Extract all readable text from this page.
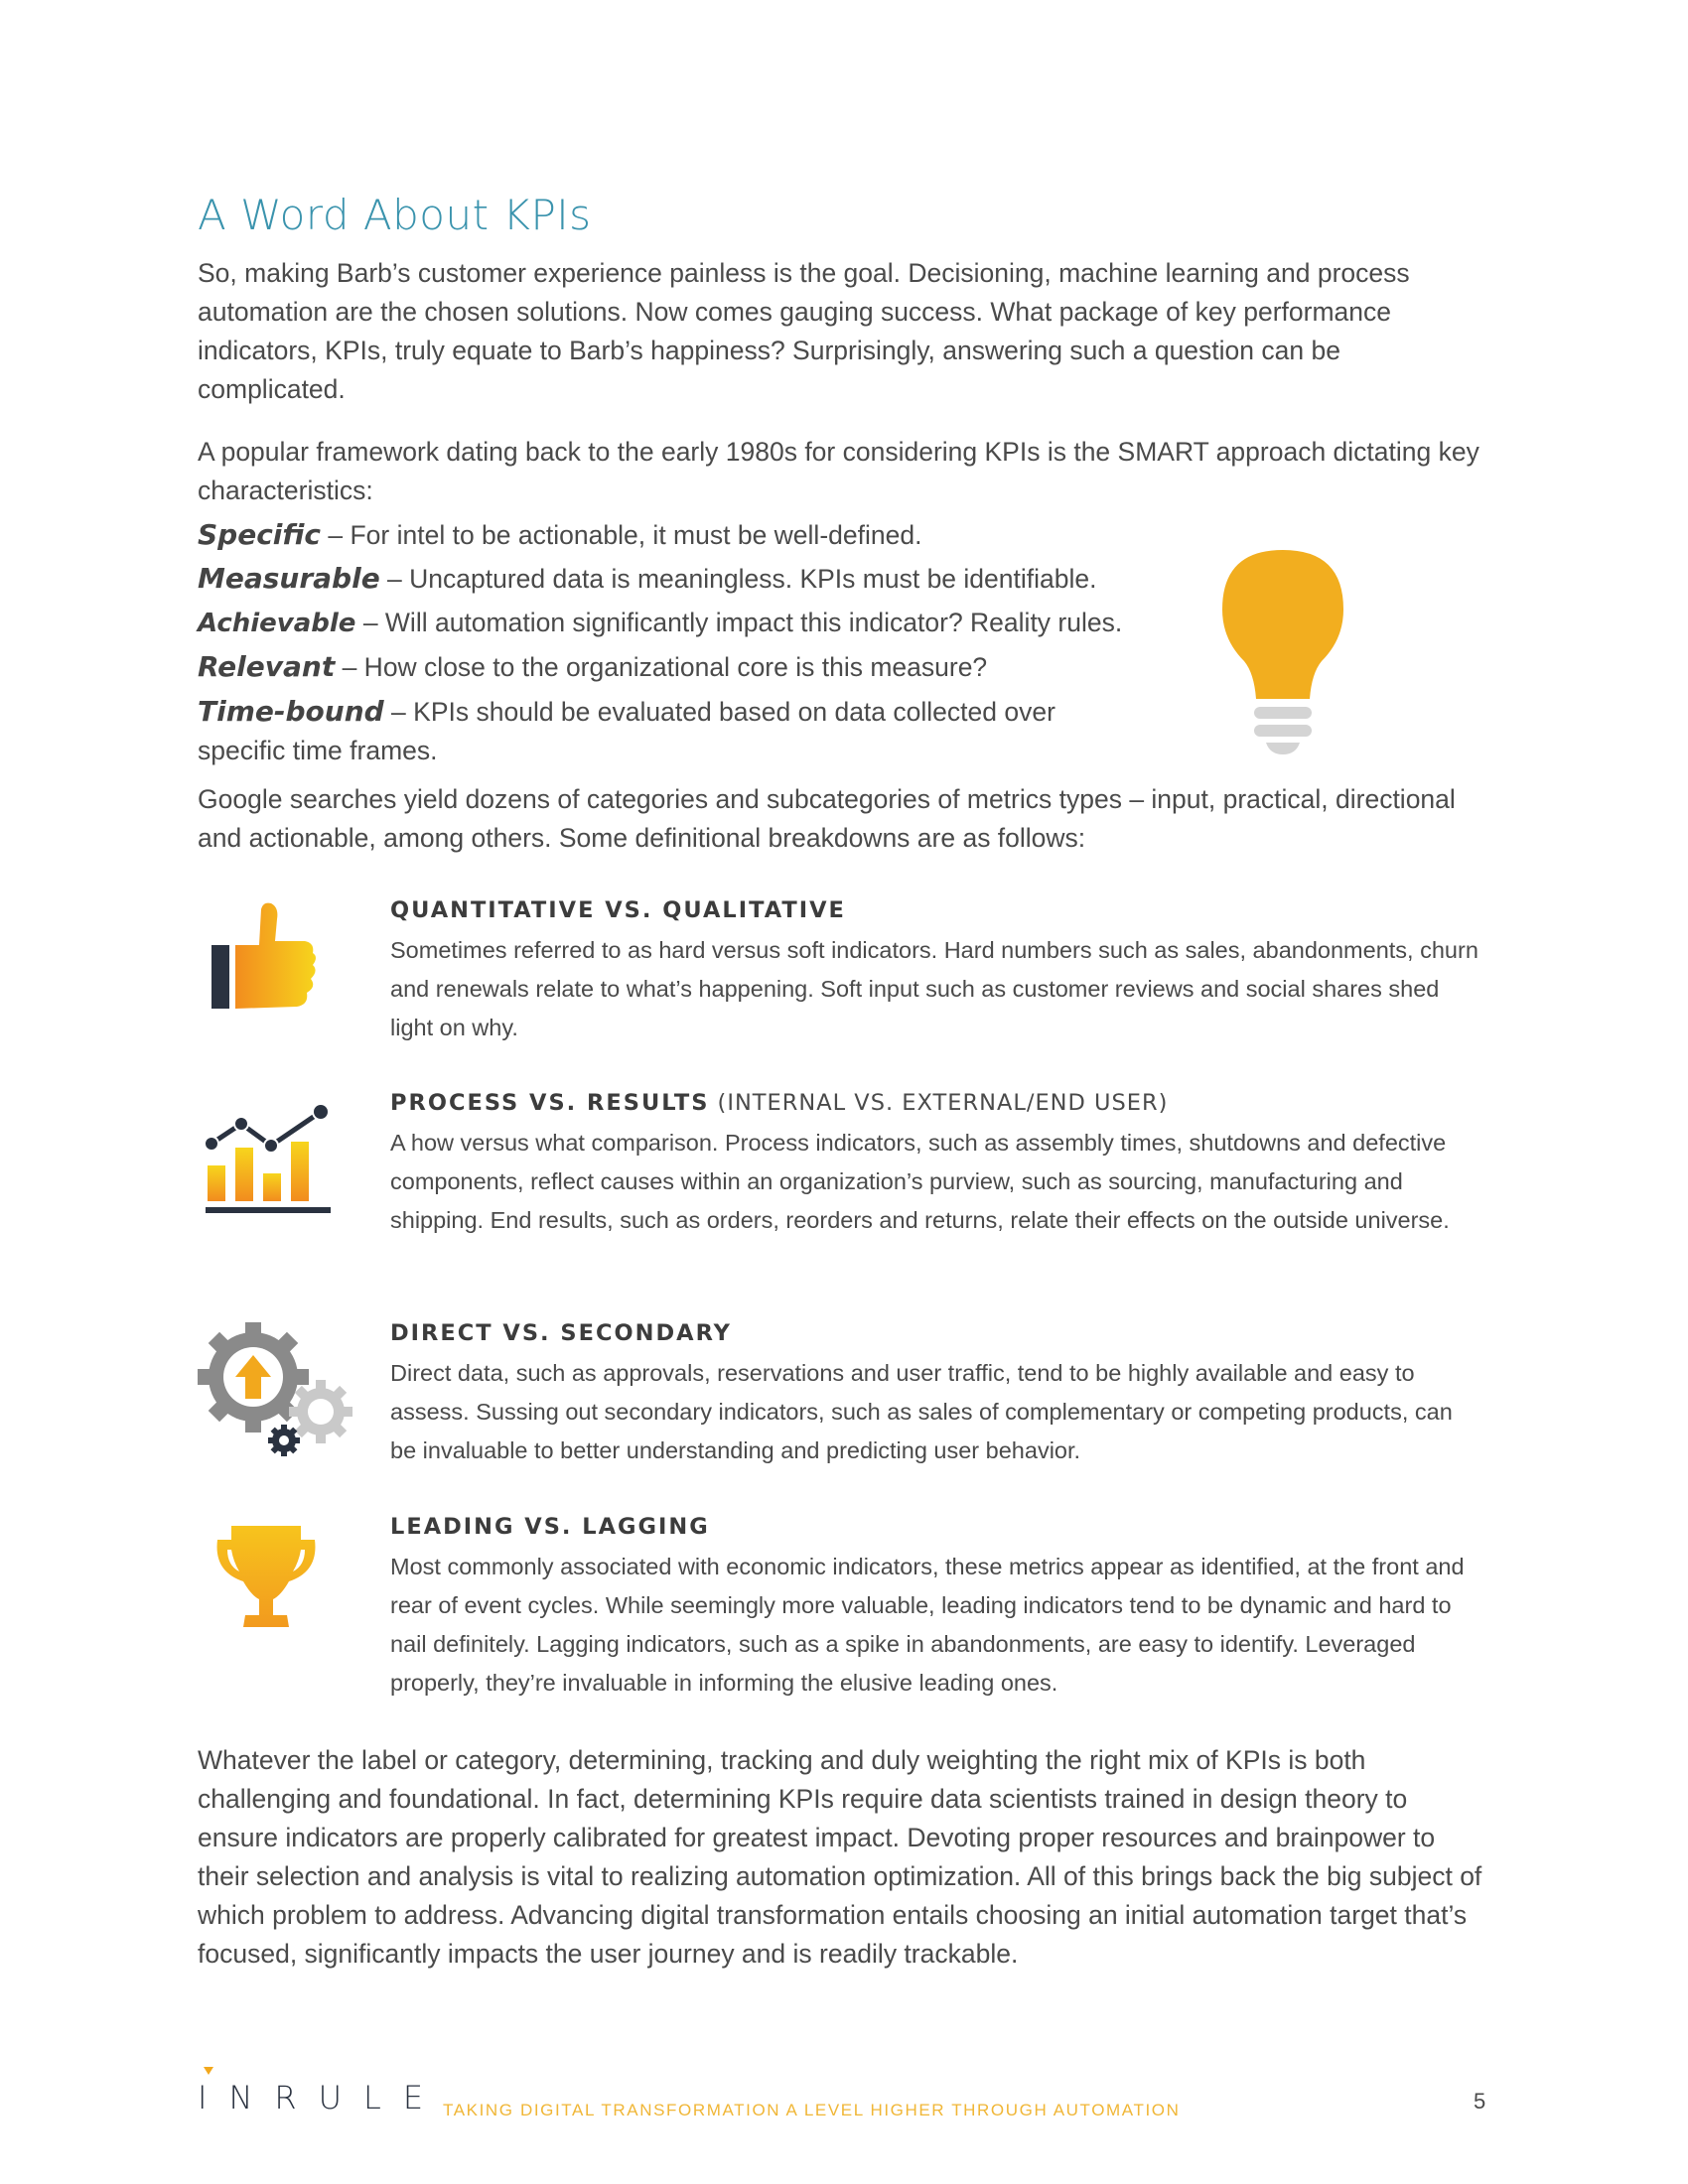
A Word About KPIs

So, making Barb’s customer experience painless is the goal. Decisioning, machine learning and process automation are the chosen solutions. Now comes gauging success. What package of key performance indicators, KPIs, truly equate to Barb’s happiness? Surprisingly, answering such a question can be complicated.

A popular framework dating back to the early 1980s for considering KPIs is the SMART approach dictating key characteristics:

Specific – For intel to be actionable, it must be well-defined.
Measurable – Uncaptured data is meaningless. KPIs must be identifiable.
Achievable – Will automation significantly impact this indicator? Reality rules.
Relevant – How close to the organizational core is this measure?
Time-bound – KPIs should be evaluated based on data collected over specific time frames.

Google searches yield dozens of categories and subcategories of metrics types – input, practical, directional and actionable, among others. Some definitional breakdowns are as follows:

QUANTITATIVE VS. QUALITATIVE

Sometimes referred to as hard versus soft indicators. Hard numbers such as sales, abandonments, churn and renewals relate to what’s happening. Soft input such as customer reviews and social shares shed light on why.

PROCESS VS. RESULTS (INTERNAL VS. EXTERNAL/END USER)

A how versus what comparison. Process indicators, such as assembly times, shutdowns and defective components, reflect causes within an organization’s purview, such as sourcing, manufacturing and shipping. End results, such as orders, reorders and returns, relate their effects on the outside universe.

DIRECT VS. SECONDARY

Direct data, such as approvals, reservations and user traffic, tend to be highly available and easy to assess. Sussing out secondary indicators, such as sales of complementary or competing products, can be invaluable to better understanding and predicting user behavior.

LEADING VS. LAGGING

Most commonly associated with economic indicators, these metrics appear as identified, at the front and rear of event cycles. While seemingly more valuable, leading indicators tend to be dynamic and hard to nail definitely. Lagging indicators, such as a spike in abandonments, are easy to identify. Leveraged properly, they’re invaluable in informing the elusive leading ones.

Whatever the label or category, determining, tracking and duly weighting the right mix of KPIs is both challenging and foundational. In fact, determining KPIs require data scientists trained in design theory to ensure indicators are properly calibrated for greatest impact. Devoting proper resources and brainpower to their selection and analysis is vital to realizing automation optimization. All of this brings back the big subject of which problem to address. Advancing digital transformation entails choosing an initial automation target that’s focused, significantly impacts the user journey and is readily trackable.

INRULE
TAKING DIGITAL TRANSFORMATION A LEVEL HIGHER THROUGH AUTOMATION	5
